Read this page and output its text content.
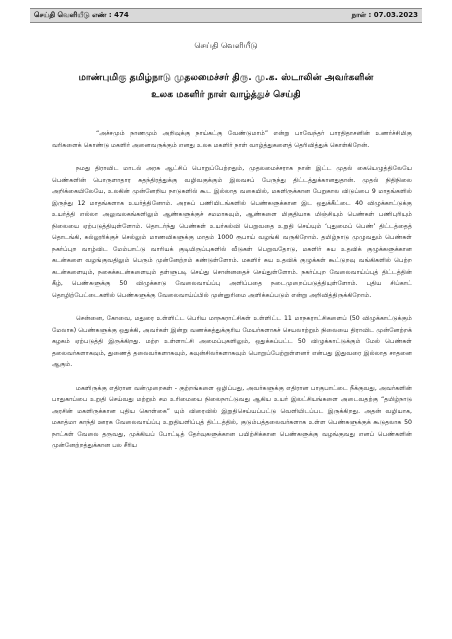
செய்தி வெளியீடு எண் : 474	நாள் : 07.03.2023
செய்தி வெளியீடு
மாண்புமிகு தமிழ்நாடு முதலமைச்சர் திரு. மு.க. ஸ்டாலின் அவர்களின்
உலக மகளிர் நாள் வாழ்த்துச் செய்தி

“அச்சமும் நாணமும் அறிவுக்கு நாய்கட்கு வேண்டுமாம்” என்று பாவேந்தர் பாரதிதாசனின் உணர்ச்சிமிகு வரிகளைக் கொண்டு மகளிர் அனைவருக்கும் எனது உலக மகளிர் நாள் வாழ்த்துகளைத் தெரிவித்துக் கொள்கிறேன்.

நமது திராவிட மாடல் அரசு ஆட்சிப் பொறுப்பேற்றதும், முதலமைச்சராக நான் இட்ட முதல் கையெழுத்திலேயே பெண்களின் பொருளாதார சுதந்திரத்துக்கு வழிவகுக்கும் இலவசப் பேருந்து திட்டத்துக்கானதுதான். முதல் நிதிநிலை அறிக்கையிலேயே, உலகின் முன்னேறிய நாடுகளில் கூட இல்லாத வகையில், மகளிருக்கான பேறுகால விடுப்பை 9 மாதங்களில் இருந்து 12 மாதங்களாக உயர்த்தினோம். அரசுப் பணியிடங்களில் பெண்களுக்கான இட ஒதுக்கீட்டை 40 விழுக்காட்டுக்கு உயர்த்தி எல்லா அலுவலகங்களிலும் ஆண்களுக்குச் சமமாகவும், ஆண்களை மிகுதியாக மிஞ்சியும் பெண்கள் பணிபுரியும் நிலையை ஏற்படுத்தியுள்ளோம். தொடர்ந்து பெண்கள் உயர்கல்வி பெறுவதை உறுதி செய்யும் ‘புதுமைப் பெண்’ திட்டத்தைத் தொடங்கி, கல்லூரிக்குச் செல்லும் மாணவிகளுக்கு மாதம் 1000 ரூபாய் வழங்கி வருகிறோம். தமிழ்நாடு முழுவதும் பெண்கள் நகர்ப்புற வாழ்விட மேம்பாட்டு வாரியக் குடியிருப்புகளில் வீடுகள் பெறுவதோடு, மகளிர் சுய உதவிக் குழுக்களுக்கான கடன்களை வழங்குவதிலும் பெரும் முன்னேற்றம் கண்டுள்ளோம். மகளிர் சுய உதவிக் குழுக்கள் கூட்டுறவு வங்கிகளில் பெற்ற கடன்களையும், நகைக்கடன்களையும் தள்ளுபடி செய்து சொன்னதைச் செய்துள்ளோம். நகர்ப்புற வேலைவாய்ப்புத் திட்டத்தின் கீழ், பெண்களுக்கு 50 விழுக்காடு வேலைவாய்ப்பு அளிப்பதை நடைமுறைப்படுத்தியுள்ளோம். புதிய சிப்காட் தொழிற்பேட்டைகளில் பெண்களுக்கு வேலைவாய்ப்பில் முன்னுரிமை அளிக்கப்படும் என்று அறிவித்திருக்கிறோம்.

சென்னை, கோவை, மதுரை உள்ளிட்ட பெரிய மாநகராட்சிகள் உள்ளிட்ட 11 மாநகராட்சிகளைப் (50 விழுக்காட்டுக்கும் மேலாக) பெண்களுக்கு ஒதுக்கி, அவர்கள் இன்று வணக்கத்துக்குரிய மேயர்களாகச் செயலாற்றும் நிலையை திராவிட முன்னேற்றக் கழகம் ஏற்படுத்தி இருக்கிறது. மற்ற உள்ளாட்சி அமைப்புகளிலும், ஒதுக்கப்பட்ட 50 விழுக்காட்டுக்கும் மேல் பெண்கள் தலைவர்களாகவும், துணைத் தலைவர்களாகவும், கவுன்சிலர்களாகவும் பொறுப்பேற்றுள்ளனர் என்பது இதுவரை இல்லாத சாதனை ஆகும்.

மகளிருக்கு எதிரான வன்முறைகள் - குற்றங்களை ஒழிப்பது, அவர்களுக்கு எதிரான பாகுபாட்டை நீக்குவது, அவர்களின் பாதுகாப்பை உறுதி செய்வது மற்றும் சம உரிமையை நிலைநாட்டுவது ஆகிய உயர் இலட்சியங்களை அடைவதற்கு “தமிழ்நாடு அரசின் மகளிருக்கான புதிய கொள்கை” யும் விரைவில் இறுதிசெய்யப்பட்டு வெளியிடப்பட இருக்கிறது. அதன் வழியாக, மகாத்மா காந்தி ஊரக வேலைவாய்ப்பு உறுதியளிப்புத் திட்டத்தில், குடும்பத்தலைவர்களாக உள்ள பெண்களுக்குக் கூடுதலாக 50 நாட்கள் வேலை தருவது, முக்கியப் போட்டித் தேர்வுகளுக்கான பயிற்சிக்கான பெண்களுக்கு வழங்குவது எனப் பெண்களின் முன்னேற்றத்துக்கான பல சீரிய
